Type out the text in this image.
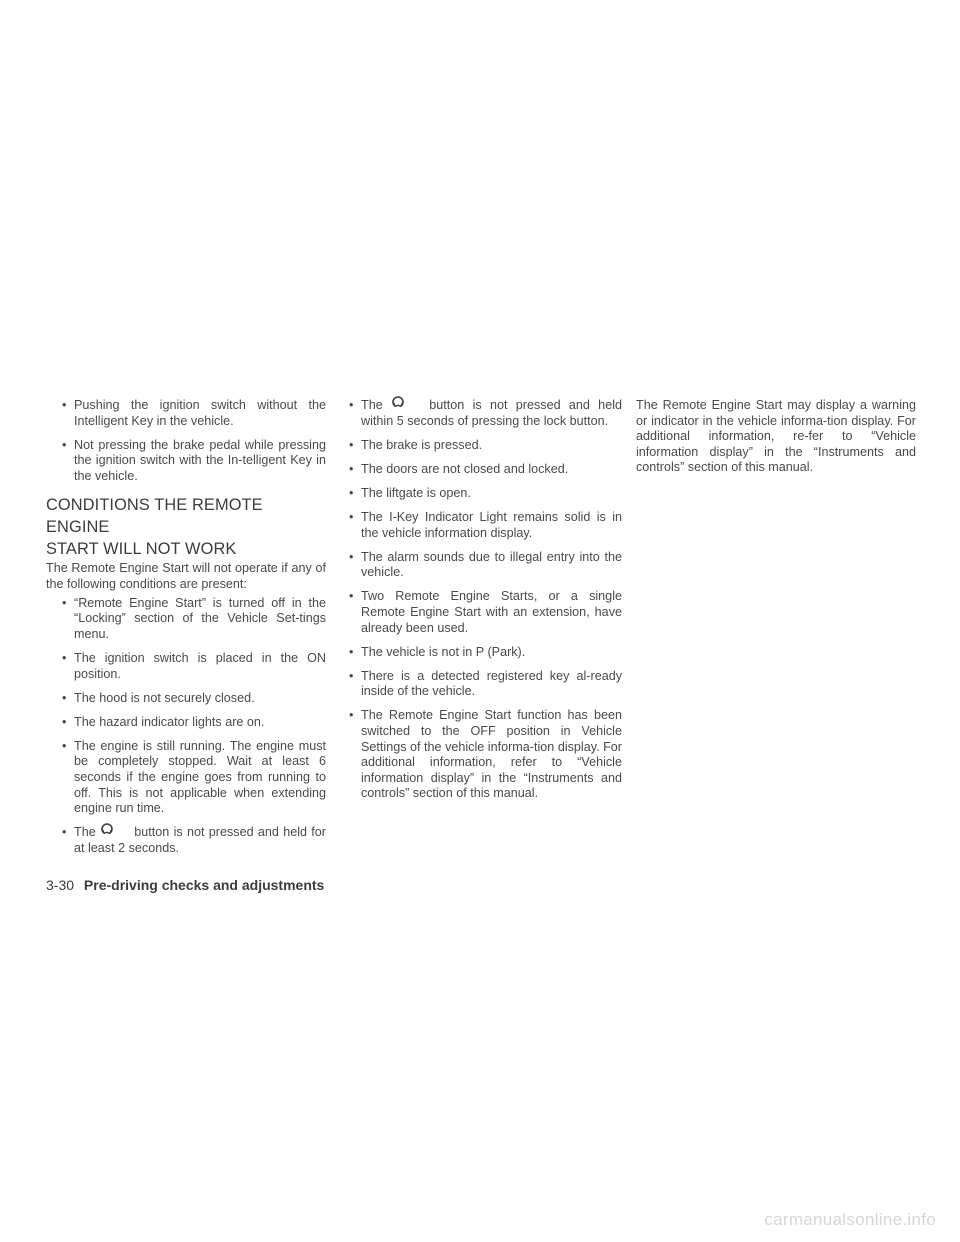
• Pushing the ignition switch without the Intelligent Key in the vehicle.
• Not pressing the brake pedal while pressing the ignition switch with the In-telligent Key in the vehicle.
CONDITIONS THE REMOTE ENGINE
START WILL NOT WORK
The Remote Engine Start will not operate if any of the following conditions are present:
• “Remote Engine Start” is turned off in the “Locking” section of the Vehicle Set-tings menu.
• The ignition switch is placed in the ON position.
• The hood is not securely closed.
• The hazard indicator lights are on.
• The engine is still running. The engine must be completely stopped. Wait at least 6 seconds if the engine goes from running to off. This is not applicable when extending engine run time.
• The	button is not pressed and held for at least 2 seconds.
• The	button is not pressed and held within 5 seconds of pressing the lock button.
• The brake is pressed.
• The doors are not closed and locked.
• The liftgate is open.
• The I-Key Indicator Light remains solid is in the vehicle information display.
• The alarm sounds due to illegal entry into the vehicle.
• Two Remote Engine Starts, or a single Remote Engine Start with an extension, have already been used.
• The vehicle is not in P (Park).
• There is a detected registered key al-ready inside of the vehicle.
• The Remote Engine Start function has been switched to the OFF position in Vehicle Settings of the vehicle informa-tion display. For additional information, refer to “Vehicle information display” in the “Instruments and controls” section of this manual.
The Remote Engine Start may display a warning or indicator in the vehicle informa-tion display. For additional information, re-fer to “Vehicle information display” in the “Instruments and controls” section of this manual.
3-30 Pre-driving checks and adjustments
carmanualsonline.info
